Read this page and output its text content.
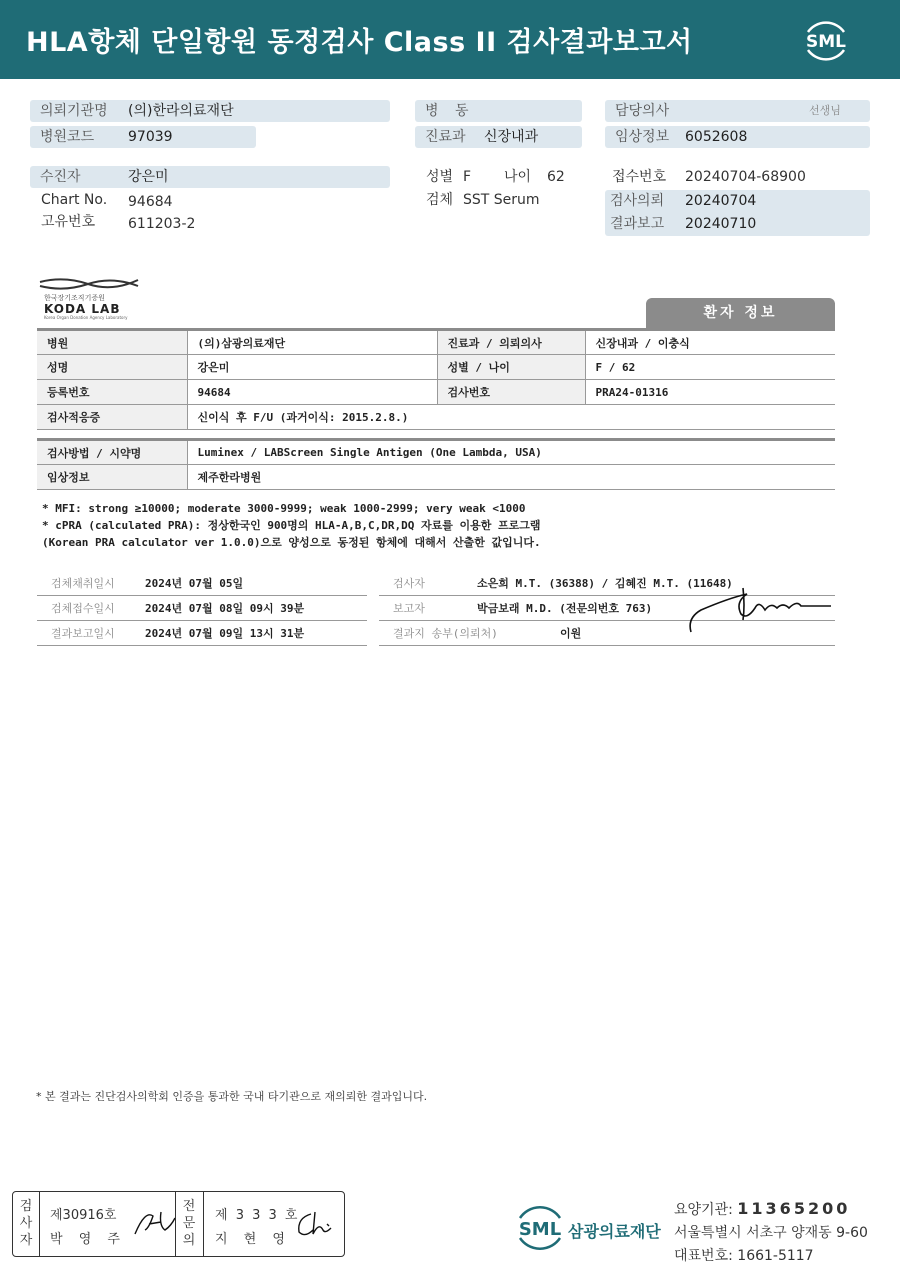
HLA항체 단일항원 동정검사 Class II 검사결과보고서	SML
의뢰기관명 (의)한라의료재단
병원코드 97039
수진자	강은미
Chart No. 94684
고유번호 611203-2
병 동
진료과 신장내과
성별 F 나이 62
검체 SST Serum
담당의사	선생님
임상정보 6052608
접수번호 20240704-68900
검사의뢰 20240704
결과보고 20240710
한국장기조직기증원
KODA LAB
Korea Organ Donation Agency Laboratory	환자 정보
병원	(의)삼광의료재단	진료과 / 의뢰의사	신장내과 / 이충식
성명	강은미	성별 / 나이	F / 62
등록번호	94684	검사번호	PRA24-01316
검사적응증	신이식 후 F/U (과거이식: 2015.2.8.)		
검사방법 / 시약명	Luminex / LABScreen Single Antigen (One Lambda, USA)
임상정보	제주한라병원
* MFI: strong ≥10000; moderate 3000-9999; weak 1000-2999; very weak <1000
* cPRA (calculated PRA): 정상한국인 900명의 HLA-A,B,C,DR,DQ 자료를 이용한 프로그램
(Korean PRA calculator ver 1.0.0)으로 양성으로 동정된 항체에 대해서 산출한 값입니다.
검체채취일시	2024년 07월 05일
검체접수일시	2024년 07월 08일 09시 39분
결과보고일시	2024년 07월 09일 13시 31분
검사자	소은희 M.T. (36388) / 김혜진 M.T. (11648)
보고자	박금보래 M.D. (전문의번호 763)
결과지 송부(의뢰처)	이원
* 본 결과는 진단검사의학회 인증을 통과한 국내 타기관으로 재의뢰한 결과입니다.
검
사
자
제30916호
박 영 주
전
문
의
제 3 3 3 호
지 현 영	SML 삼광의료재단
요양기관: 11365200
서울특별시 서초구 양재동 9-60
대표번호: 1661-5117
